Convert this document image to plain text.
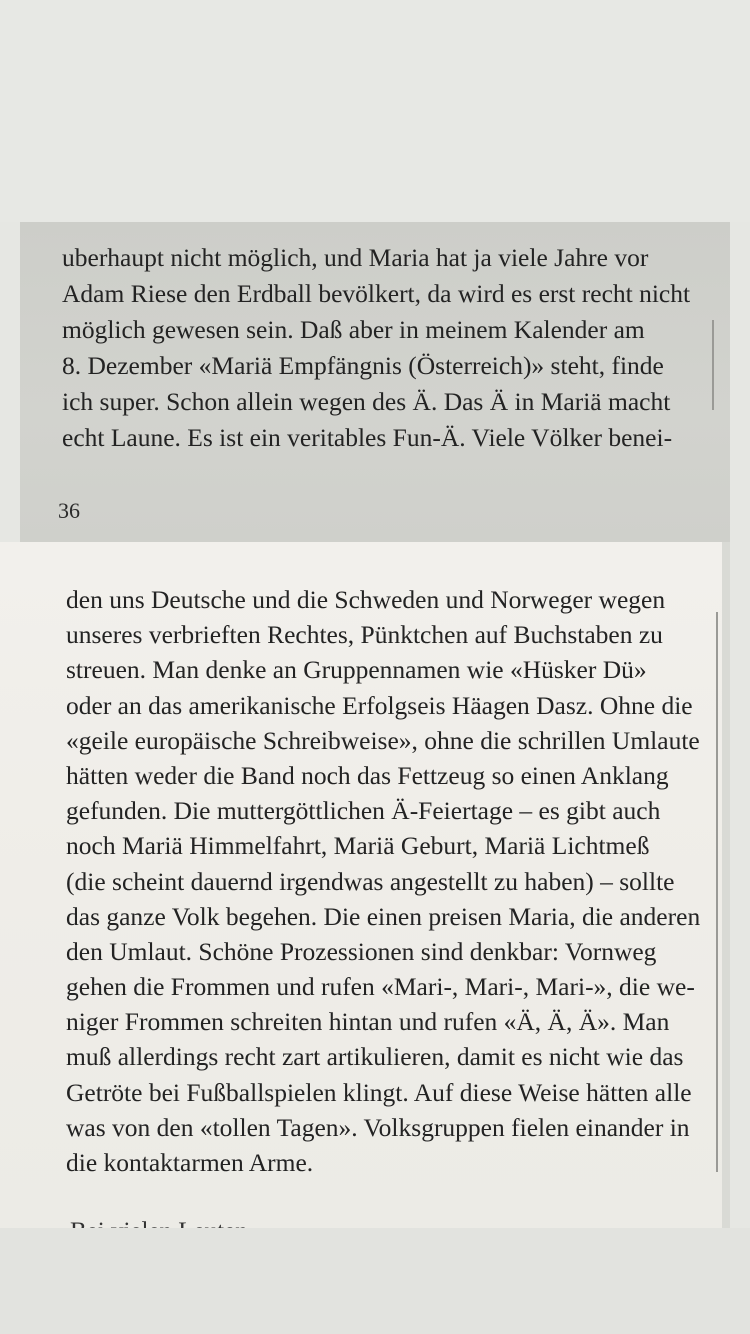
uberhaupt nicht möglich, und Maria hat ja viele Jahre vor
Adam Riese den Erdball bevölkert, da wird es erst recht nicht
möglich gewesen sein. Daß aber in meinem Kalender am
8. Dezember «Mariä Empfängnis (Österreich)» steht, finde
ich super. Schon allein wegen des Ä. Das Ä in Mariä macht
echt Laune. Es ist ein veritables Fun-Ä. Viele Völker benei-
36
den uns Deutsche und die Schweden und Norweger wegen
unseres verbrieften Rechtes, Pünktchen auf Buchstaben zu
streuen. Man denke an Gruppennamen wie «Hüsker Dü»
oder an das amerikanische Erfolgseis Häagen Dasz. Ohne die
«geile europäische Schreibweise», ohne die schrillen Umlaute
hätten weder die Band noch das Fettzeug so einen Anklang
gefunden. Die muttergöttlichen Ä-Feiertage – es gibt auch
noch Mariä Himmelfahrt, Mariä Geburt, Mariä Lichtmeß
(die scheint dauernd irgendwas angestellt zu haben) – sollte
das ganze Volk begehen. Die einen preisen Maria, die anderen
den Umlaut. Schöne Prozessionen sind denkbar: Vornweg
gehen die Frommen und rufen «Mari-, Mari-, Mari-», die we-
niger Frommen schreiten hintan und rufen «Ä, Ä, Ä». Man
muß allerdings recht zart artikulieren, damit es nicht wie das
Getröte bei Fußballspielen klingt. Auf diese Weise hätten alle
was von den «tollen Tagen». Volksgruppen fielen einander in
die kontaktarmen Arme.
